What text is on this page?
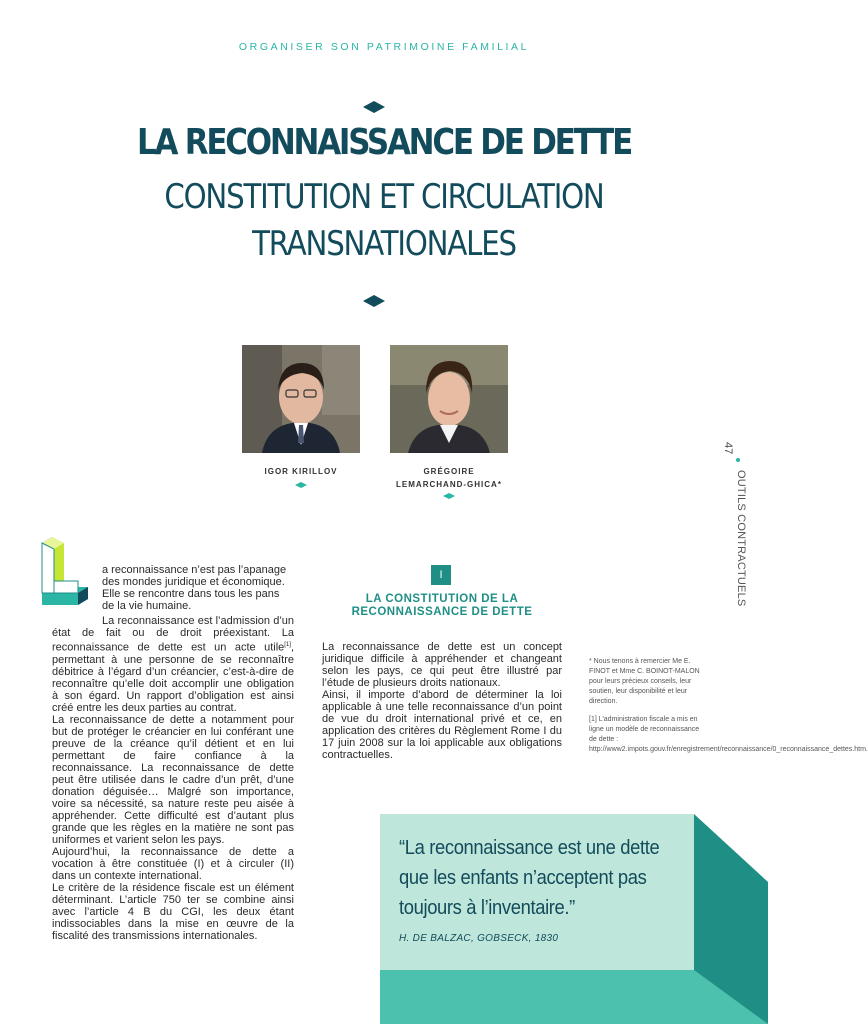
ORGANISER SON PATRIMOINE FAMILIAL
LA RECONNAISSANCE DE DETTE
CONSTITUTION ET CIRCULATION
TRANSNATIONALES
IGOR KIRILLOV	GRÉGOIRE
LEMARCHAND-GHICA*
47
OUTILS CONTRACTUELS
a reconnaissance n’est pas l’apanage
des mondes juridique et économique.
Elle se rencontre dans tous les pans
de la vie humaine.

La reconnaissance est l’admission d’un état de fait ou de droit préexistant. La reconnaissance de dette est un acte utile[1], permettant à une personne de se reconnaître débitrice à l’égard d’un créancier, c’est-à-dire de reconnaître qu’elle doit accomplir une obligation à son égard. Un rapport d’obligation est ainsi créé entre les deux parties au contrat.

La reconnaissance de dette a notamment pour but de protéger le créancier en lui conférant une preuve de la créance qu’il détient et en lui permettant de faire confiance à la reconnaissance. La reconnaissance de dette peut être utilisée dans le cadre d’un prêt, d’une donation déguisée… Malgré son importance, voire sa nécessité, sa nature reste peu aisée à appréhender. Cette difficulté est d’autant plus grande que les règles en la matière ne sont pas uniformes et varient selon les pays.

Aujourd’hui, la reconnaissance de dette a vocation à être constituée (I) et à circuler (II) dans un contexte international.

Le critère de la résidence fiscale est un élément déterminant. L’article 750 ter se combine ainsi avec l’article 4 B du CGI, les deux étant indissociables dans la mise en œuvre de la fiscalité des transmissions internationales.

I
LA CONSTITUTION DE LA
RECONNAISSANCE DE DETTE

La reconnaissance de dette est un concept juridique difficile à appréhender et changeant selon les pays, ce qui peut être illustré par l’étude de plusieurs droits nationaux.

Ainsi, il importe d’abord de déterminer la loi applicable à une telle reconnaissance d’un point de vue du droit international privé et ce, en application des critères du Règlement Rome I du 17 juin 2008 sur la loi applicable aux obligations contractuelles.

* Nous tenons à remercier Me E. FINOT et Mme C. BOINOT-MALON pour leurs précieux conseils, leur soutien, leur disponibilité et leur direction.

[1] L’administration fiscale a mis en ligne un modèle de reconnaissance de dette : http://www2.impots.gouv.fr/enregistrement/reconnaissance/0_reconnaissance_dettes.htm.

“La reconnaissance est une dette que les enfants n’acceptent pas toujours à l’inventaire.”
H. DE BALZAC, GOBSECK, 1830
